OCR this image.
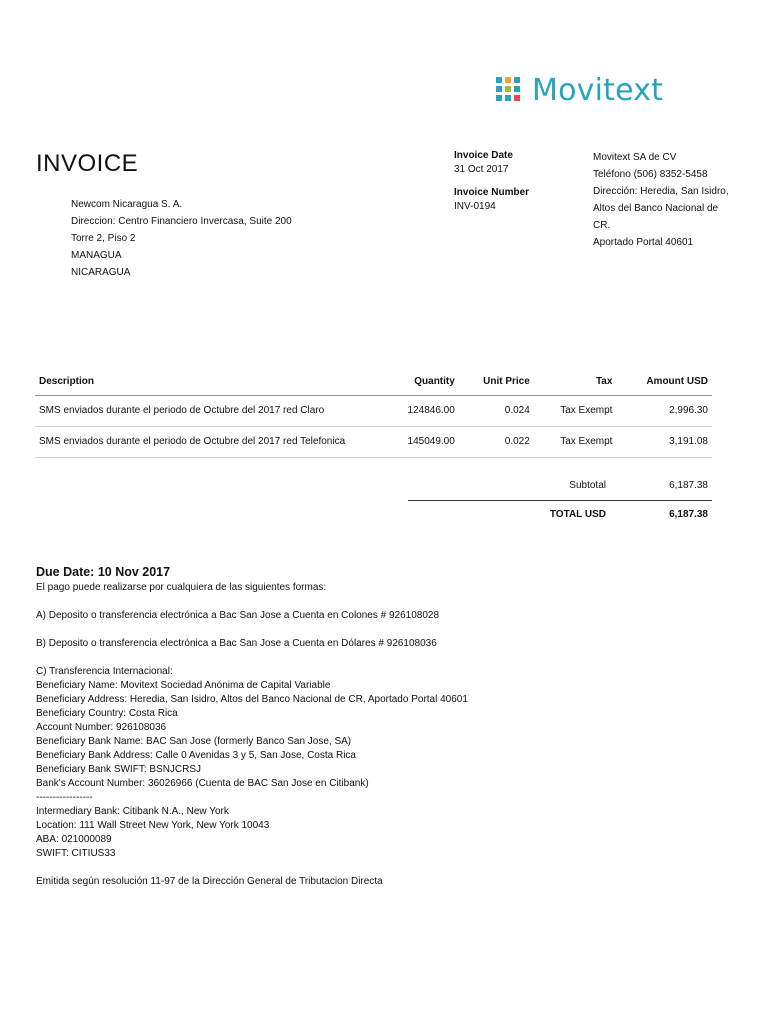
Movitext
INVOICE
Newcom Nicaragua S. A.
Direccion: Centro Financiero Invercasa, Suite 200
Torre 2, Piso 2
MANAGUA
NICARAGUA
Invoice Date
31 Oct 2017
Invoice Number
INV-0194
Movitext SA de CV
Teléfono (506) 8352-5458
Dirección: Heredia, San Isidro,
Altos del Banco Nacional de
CR.
Aportado Portal 40601
Description	Quantity	Unit Price	Tax	Amount USD
SMS enviados durante el periodo de Octubre del 2017 red Claro	124846.00	0.024	Tax Exempt	2,996.30
SMS enviados durante el periodo de Octubre del 2017 red Telefonica	145049.00	0.022	Tax Exempt	3,191.08
Subtotal	6,187.38
TOTAL USD	6,187.38
Due Date: 10 Nov 2017
El pago puede realizarse por cualquiera de las siguientes formas:
A) Deposito o transferencia electrónica a Bac San Jose a Cuenta en Colones # 926108028
B) Deposito o transferencia electrónica a Bac San Jose a Cuenta en Dólares # 926108036
C) Transferencia Internacional:
Beneficiary Name: Movitext Sociedad Anónima de Capital Variable
Beneficiary Address: Heredia, San Isidro, Altos del Banco Nacional de CR, Aportado Portal 40601
Beneficiary Country: Costa Rica
Account Number: 926108036
Beneficiary Bank Name: BAC San Jose (formerly Banco San Jose, SA)
Beneficiary Bank Address: Calle 0 Avenidas 3 y 5, San Jose, Costa Rica
Beneficiary Bank SWIFT: BSNJCRSJ
Bank's Account Number: 36026966 (Cuenta de BAC San Jose en Citibank)
-----------------
Intermediary Bank: Citibank N.A., New York
Location: 111 Wall Street New York, New York 10043
ABA: 021000089
SWIFT: CITIUS33
Emitida según resolución 11-97 de la Dirección General de Tributacion Directa
